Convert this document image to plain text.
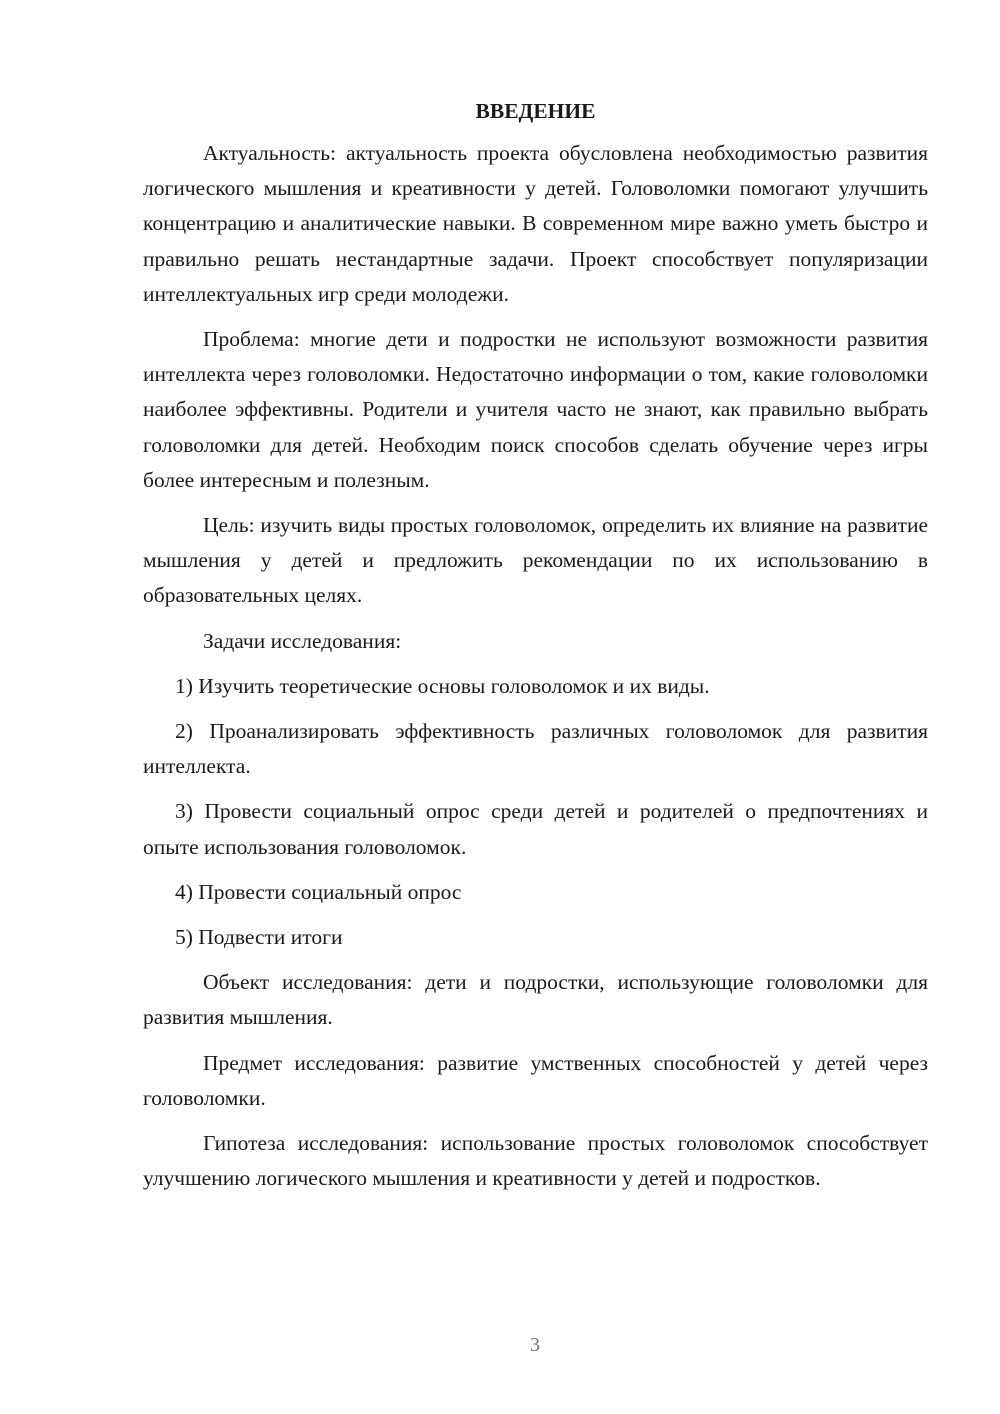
ВВЕДЕНИЕ

Актуальность: актуальность проекта обусловлена необходимостью развития логического мышления и креативности у детей. Головоломки помогают улучшить концентрацию и аналитические навыки. В современном мире важно уметь быстро и правильно решать нестандартные задачи. Проект способствует популяризации интеллектуальных игр среди молодежи.

Проблема: многие дети и подростки не используют возможности развития интеллекта через головоломки. Недостаточно информации о том, какие головоломки наиболее эффективны. Родители и учителя часто не знают, как правильно выбрать головоломки для детей. Необходим поиск способов сделать обучение через игры более интересным и полезным.

Цель: изучить виды простых головоломок, определить их влияние на развитие мышления у детей и предложить рекомендации по их использованию в образовательных целях.

Задачи исследования:

1) Изучить теоретические основы головоломок и их виды.

2) Проанализировать эффективность различных головоломок для развития интеллекта.

3) Провести социальный опрос среди детей и родителей о предпочтениях и опыте использования головоломок.

4) Провести социальный опрос

5) Подвести итоги

Объект исследования: дети и подростки, использующие головоломки для развития мышления.

Предмет исследования: развитие умственных способностей у детей через головоломки.

Гипотеза исследования: использование простых головоломок способствует улучшению логического мышления и креативности у детей и подростков.

3
